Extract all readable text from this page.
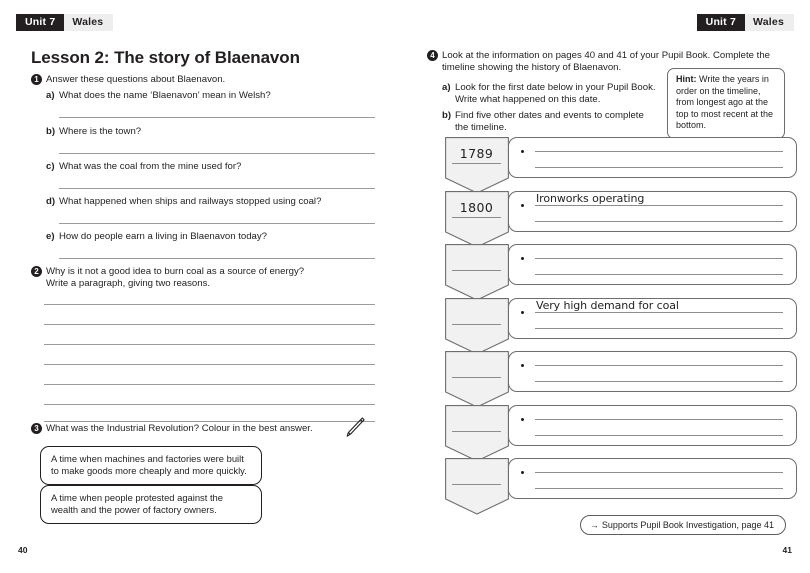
Unit 7	Wales
Lesson 2: The story of Blaenavon
1 Answer these questions about Blaenavon.
a) What does the name ‘Blaenavon’ mean in Welsh?
b) Where is the town?
c) What was the coal from the mine used for?
d) What happened when ships and railways stopped using coal?
e) How do people earn a living in Blaenavon today?
2 Why is it not a good idea to burn coal as a source of energy?
Write a paragraph, giving two reasons.
3 What was the Industrial Revolution? Colour in the best answer.
A time when machines and factories were built
to make goods more cheaply and more quickly.
A time when people protested against the
wealth and the power of factory owners.
40
Unit 7	Wales
4 Look at the information on pages 40 and 41 of your Pupil Book. Complete the timeline showing the history of Blaenavon.
a) Look for the first date below in your Pupil Book. Write what happened on this date.
b) Find five other dates and events to complete the timeline.
Hint: Write the years in order on the timeline, from longest ago at the top to most recent at the bottom.
1789
1800
Ironworks operating
Very high demand for coal
→ Supports Pupil Book Investigation, page 41
41
